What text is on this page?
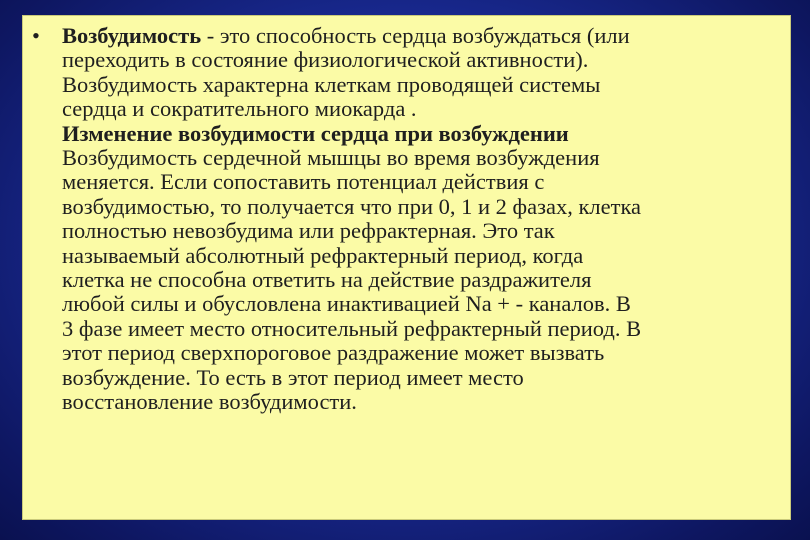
• Возбудимость - это способность сердца возбуждаться (или
переходить в состояние физиологической активности).
Возбудимость характерна клеткам проводящей системы
сердца и сократительного миокарда .
Изменение возбудимости сердца при возбуждении
Возбудимость сердечной мышцы во время возбуждения
меняется. Если сопоставить потенциал действия с
возбудимостью, то получается что при 0, 1 и 2 фазах, клетка
полностью невозбудима или рефрактерная. Это так
называемый абсолютный рефрактерный период, когда
клетка не способна ответить на действие раздражителя
любой силы и обусловлена инактивацией Na + - каналов. В
3 фазе имеет место относительный рефрактерный период. В
этот период сверхпороговое раздражение может вызвать
возбуждение. То есть в этот период имеет место
восстановление возбудимости.
